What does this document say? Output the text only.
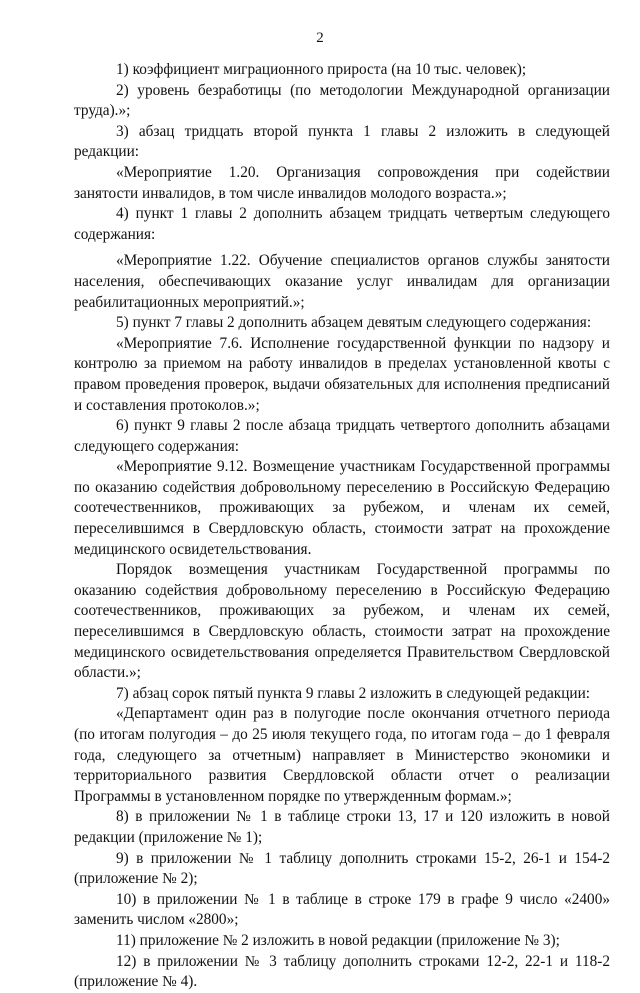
2

1) коэффициент миграционного прироста (на 10 тыс. человек);

2) уровень безработицы (по методологии Международной организации труда).»;

3) абзац тридцать второй пункта 1 главы 2 изложить в следующей редакции:

«Мероприятие 1.20. Организация сопровождения при содействии занятости инвалидов, в том числе инвалидов молодого возраста.»;

4) пункт 1 главы 2 дополнить абзацем тридцать четвертым следующего содержания:

«Мероприятие 1.22. Обучение специалистов органов службы занятости населения, обеспечивающих оказание услуг инвалидам для организации реабилитационных мероприятий.»;

5) пункт 7 главы 2 дополнить абзацем девятым следующего содержания:

«Мероприятие 7.6. Исполнение государственной функции по надзору и контролю за приемом на работу инвалидов в пределах установленной квоты с правом проведения проверок, выдачи обязательных для исполнения предписаний и составления протоколов.»;

6) пункт 9 главы 2 после абзаца тридцать четвертого дополнить абзацами следующего содержания:

«Мероприятие 9.12. Возмещение участникам Государственной программы по оказанию содействия добровольному переселению в Российскую Федерацию соотечественников, проживающих за рубежом, и членам их семей, переселившимся в Свердловскую область, стоимости затрат на прохождение медицинского освидетельствования.

Порядок возмещения участникам Государственной программы по оказанию содействия добровольному переселению в Российскую Федерацию соотечественников, проживающих за рубежом, и членам их семей, переселившимся в Свердловскую область, стоимости затрат на прохождение медицинского освидетельствования определяется Правительством Свердловской области.»;

7) абзац сорок пятый пункта 9 главы 2 изложить в следующей редакции:

«Департамент один раз в полугодие после окончания отчетного периода (по итогам полугодия – до 25 июля текущего года, по итогам года – до 1 февраля года, следующего за отчетным) направляет в Министерство экономики и территориального развития Свердловской области отчет о реализации Программы в установленном порядке по утвержденным формам.»;

8) в приложении № 1 в таблице строки 13, 17 и 120 изложить в новой редакции (приложение № 1);

9) в приложении № 1 таблицу дополнить строками 15-2, 26-1 и 154-2 (приложение № 2);

10) в приложении № 1 в таблице в строке 179 в графе 9 число «2400» заменить числом «2800»;

11) приложение № 2 изложить в новой редакции (приложение № 3);

12) в приложении № 3 таблицу дополнить строками 12-2, 22-1 и 118-2 (приложение № 4).
